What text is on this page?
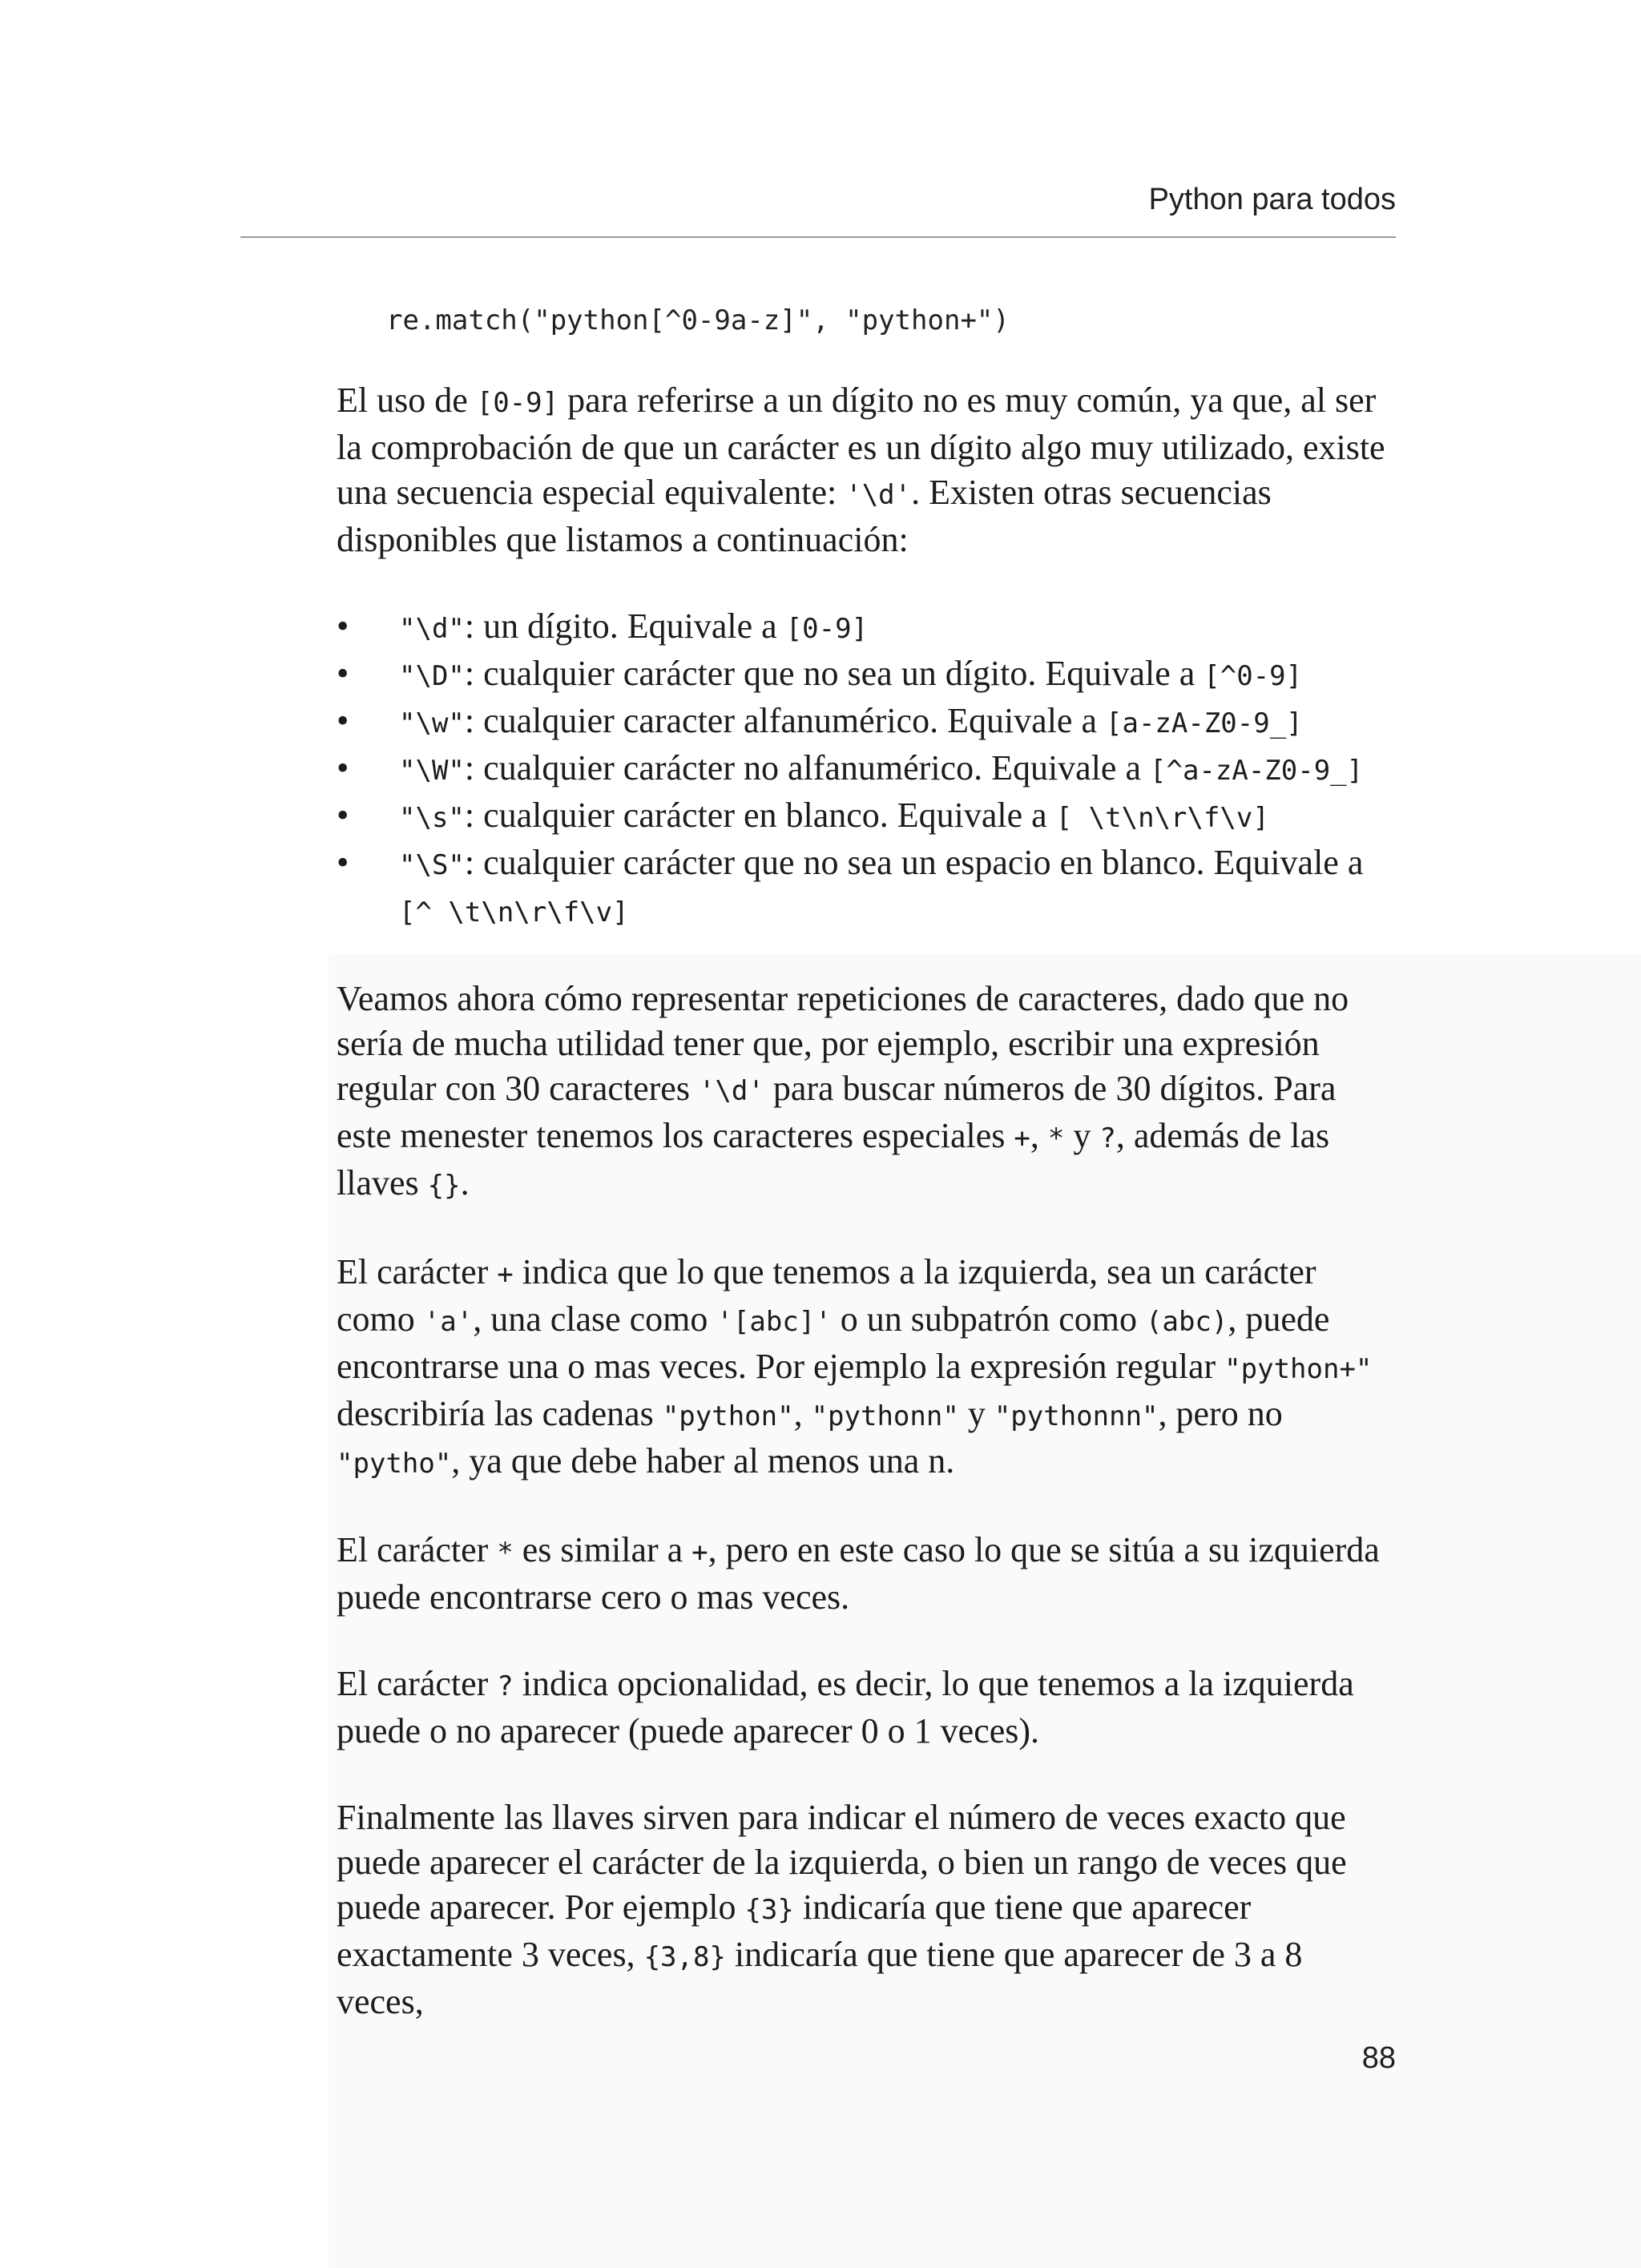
Python para todos
re.match("python[^0-9a-z]", "python+")

El uso de [0-9] para referirse a un dígito no es muy común, ya que, al ser la comprobación de que un carácter es un dígito algo muy utilizado, existe una secuencia especial equivalente: '\d'. Existen otras secuencias disponibles que listamos a continuación:

• "\d": un dígito. Equivale a [0-9]
• "\D": cualquier carácter que no sea un dígito. Equivale a [^0-9]
• "\w": cualquier caracter alfanumérico. Equivale a [a-zA-Z0-9_]
• "\W": cualquier carácter no alfanumérico. Equivale a [^a-zA-Z0-9_]
• "\s": cualquier carácter en blanco. Equivale a [ \t\n\r\f\v]
• "\S": cualquier carácter que no sea un espacio en blanco. Equivale a [^ \t\n\r\f\v]

Veamos ahora cómo representar repeticiones de caracteres, dado que no sería de mucha utilidad tener que, por ejemplo, escribir una expresión regular con 30 caracteres '\d' para buscar números de 30 dígitos. Para este menester tenemos los caracteres especiales +, * y ?, además de las llaves {}.

El carácter + indica que lo que tenemos a la izquierda, sea un carácter como 'a', una clase como '[abc]' o un subpatrón como (abc), puede encontrarse una o mas veces. Por ejemplo la expresión regular "python+" describiría las cadenas "python", "pythonn" y "pythonnn", pero no "pytho", ya que debe haber al menos una n.

El carácter * es similar a +, pero en este caso lo que se sitúa a su izquierda puede encontrarse cero o mas veces.

El carácter ? indica opcionalidad, es decir, lo que tenemos a la izquierda puede o no aparecer (puede aparecer 0 o 1 veces).

Finalmente las llaves sirven para indicar el número de veces exacto que puede aparecer el carácter de la izquierda, o bien un rango de veces que puede aparecer. Por ejemplo {3} indicaría que tiene que aparecer exactamente 3 veces, {3,8} indicaría que tiene que aparecer de 3 a 8 veces,

88
